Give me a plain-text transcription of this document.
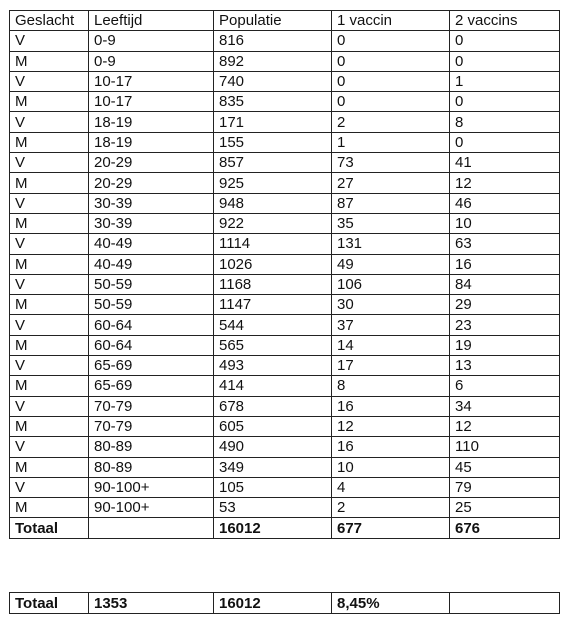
Geslacht	Leeftijd	Populatie	1 vaccin	2 vaccins
V	0-9	816	0	0
M	0-9	892	0	0
V	10-17	740	0	1
M	10-17	835	0	0
V	18-19	171	2	8
M	18-19	155	1	0
V	20-29	857	73	41
M	20-29	925	27	12
V	30-39	948	87	46
M	30-39	922	35	10
V	40-49	1114	131	63
M	40-49	1026	49	16
V	50-59	1168	106	84
M	50-59	1147	30	29
V	60-64	544	37	23
M	60-64	565	14	19
V	65-69	493	17	13
M	65-69	414	8	6
V	70-79	678	16	34
M	70-79	605	12	12
V	80-89	490	16	110
M	80-89	349	10	45
V	90-100+	105	4	79
M	90-100+	53	2	25
Totaal		16012	677	676
Totaal	1353	16012	8,45%	
